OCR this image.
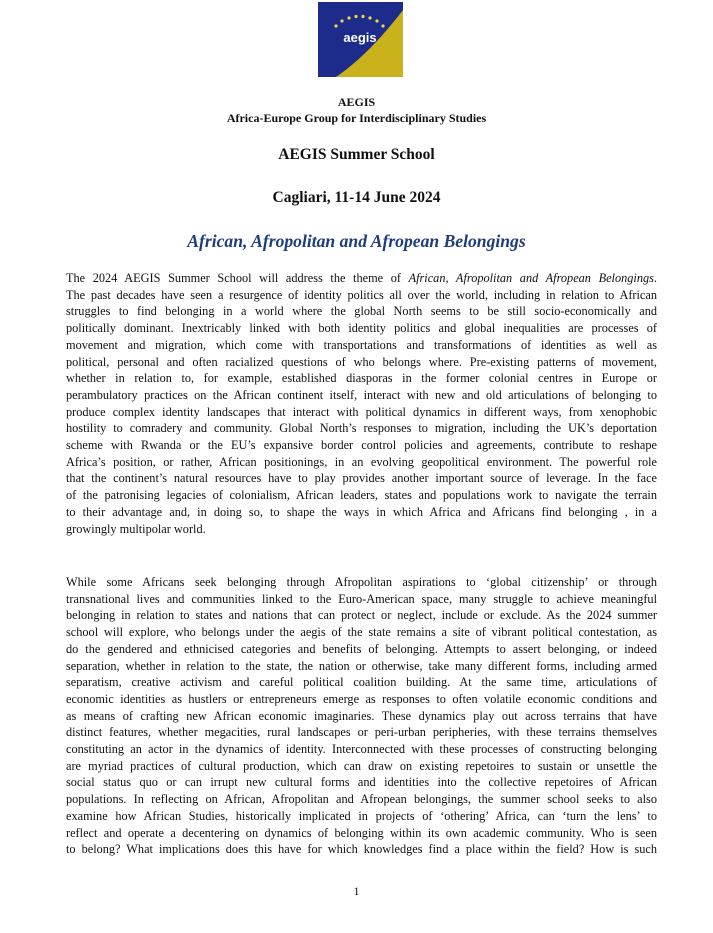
aegis
AEGIS
Africa-Europe Group for Interdisciplinary Studies
AEGIS Summer School
Cagliari, 11-14 June 2024
African, Afropolitan and Afropean Belongings
The 2024 AEGIS Summer School will address the theme of African, Afropolitan and Afropean Belongings.
The past decades have seen a resurgence of identity politics all over the world, including in relation to African
struggles to find belonging in a world where the global North seems to be still socio-economically and
politically dominant. Inextricably linked with both identity politics and global inequalities are processes of
movement and migration, which come with transportations and transformations of identities as well as
political, personal and often racialized questions of who belongs where. Pre-existing patterns of movement,
whether in relation to, for example, established diasporas in the former colonial centres in Europe or
perambulatory practices on the African continent itself, interact with new and old articulations of belonging to
produce complex identity landscapes that interact with political dynamics in different ways, from xenophobic
hostility to comradery and community. Global North’s responses to migration, including the UK’s deportation
scheme with Rwanda or the EU’s expansive border control policies and agreements, contribute to reshape
Africa’s position, or rather, African positionings, in an evolving geopolitical environment. The powerful role
that the continent’s natural resources have to play provides another important source of leverage. In the face
of the patronising legacies of colonialism, African leaders, states and populations work to navigate the terrain
to their advantage and, in doing so, to shape the ways in which Africa and Africans find belonging , in a
growingly multipolar world.
While some Africans seek belonging through Afropolitan aspirations to ‘global citizenship’ or through
transnational lives and communities linked to the Euro-American space, many struggle to achieve meaningful
belonging in relation to states and nations that can protect or neglect, include or exclude. As the 2024 summer
school will explore, who belongs under the aegis of the state remains a site of vibrant political contestation, as
do the gendered and ethnicised categories and benefits of belonging. Attempts to assert belonging, or indeed
separation, whether in relation to the state, the nation or otherwise, take many different forms, including armed
separatism, creative activism and careful political coalition building. At the same time, articulations of
economic identities as hustlers or entrepreneurs emerge as responses to often volatile economic conditions and
as means of crafting new African economic imaginaries. These dynamics play out across terrains that have
distinct features, whether megacities, rural landscapes or peri-urban peripheries, with these terrains themselves
constituting an actor in the dynamics of identity. Interconnected with these processes of constructing belonging
are myriad practices of cultural production, which can draw on existing repetoires to sustain or unsettle the
social status quo or can irrupt new cultural forms and identities into the collective repetoires of African
populations. In reflecting on African, Afropolitan and Afropean belongings, the summer school seeks to also
examine how African Studies, historically implicated in projects of ‘othering’ Africa, can ‘turn the lens’ to
reflect and operate a decentering on dynamics of belonging within its own academic community. Who is seen
to belong? What implications does this have for which knowledges find a place within the field? How is such
1
